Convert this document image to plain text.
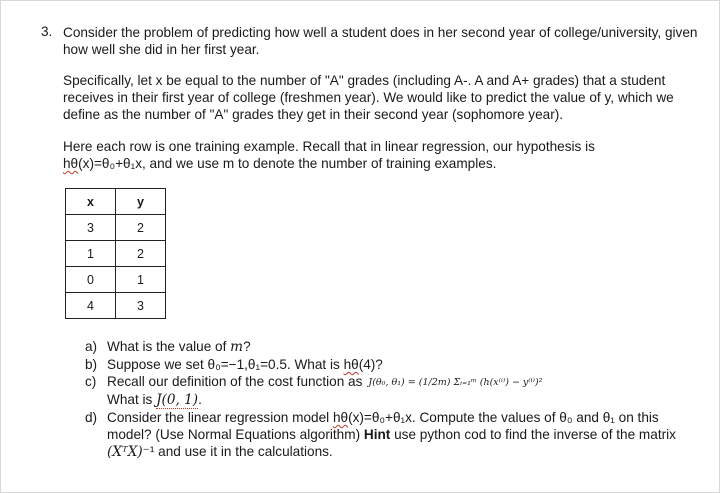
3. Consider the problem of predicting how well a student does in her second year of college/university, given how well she did in her first year.
Specifically, let x be equal to the number of "A" grades (including A-. A and A+ grades) that a student receives in their first year of college (freshmen year). We would like to predict the value of y, which we define as the number of "A" grades they get in their second year (sophomore year).
Here each row is one training example. Recall that in linear regression, our hypothesis is
hθ(x)=θ₀+θ₁x, and we use m to denote the number of training examples.
x	y
3	2
1	2
0	1
4	3
a) What is the value of m?
b) Suppose we set θ₀=−1,θ₁=0.5. What is hθ(4)?
c) Recall our definition of the cost function as J(θ₀, θ₁) = (1/2m) Σᵢ₌₁ᵐ (h(x⁽ⁱ⁾) − y⁽ⁱ⁾)²
What is J(0, 1).
d) Consider the linear regression model hθ(x)=θ₀+θ₁x. Compute the values of θ₀ and θ₁ on this model? (Use Normal Equations algorithm) Hint use python cod to find the inverse of the matrix (XᵀX)⁻¹ and use it in the calculations.
